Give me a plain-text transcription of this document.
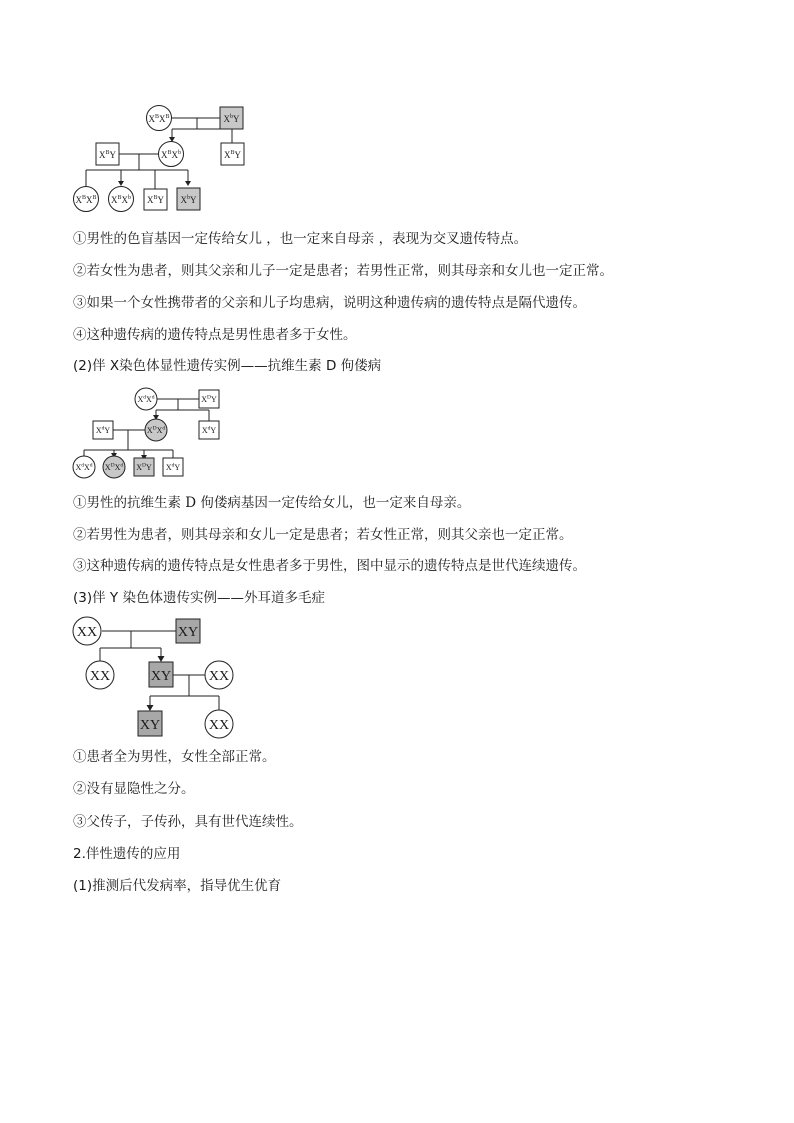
$X^BX^B$	$X^bY$
$X^BY$	$X^BX^b$	$X^BY$
$X^BX^B$ $X^BX^b$ $X^BY$ $X^bY$

①男性的色盲基因一定传给女儿 ，也一定来自母亲 ，表现为交叉遗传特点。

②若女性为患者，则其父亲和儿子一定是患者；若男性正常，则其母亲和女儿也一定正常。

③如果一个女性携带者的父亲和儿子均患病，说明这种遗传病的遗传特点是隔代遗传。

④这种遗传病的遗传特点是男性患者多于女性。

(2)伴 X染色体显性遗传实例——抗维生素 D 佝偻病

$X^dX^d$	$X^DY$
$X^dY$	$X^DX^d$	$X^dY$
$X^dX^d$ $X^DX^d$ $X^DY$ $X^dY$

①男性的抗维生素 D 佝偻病基因一定传给女儿，也一定来自母亲。

②若男性为患者，则其母亲和女儿一定是患者；若女性正常，则其父亲也一定正常。

③这种遗传病的遗传特点是女性患者多于男性，图中显示的遗传特点是世代连续遗传。

(3)伴 Y 染色体遗传实例——外耳道多毛症

XX	XY
XX	XY	XX
XY	XX

①患者全为男性，女性全部正常。

②没有显隐性之分。

③父传子，子传孙，具有世代连续性。

2.伴性遗传的应用

(1)推测后代发病率，指导优生优育
